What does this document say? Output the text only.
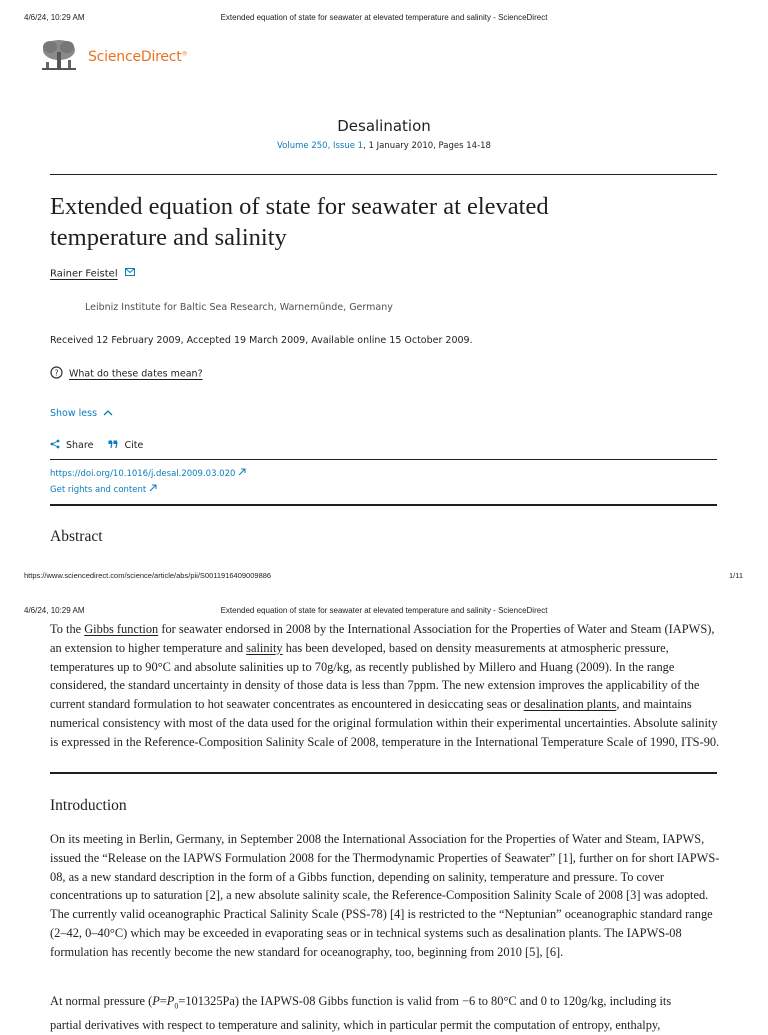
4/6/24, 10:29 AM	Extended equation of state for seawater at elevated temperature and salinity - ScienceDirect
ScienceDirect®
Desalination
Volume 250, Issue 1, 1 January 2010, Pages 14-18
Extended equation of state for seawater at elevated
temperature and salinity
Rainer Feistel
Leibniz Institute for Baltic Sea Research, Warnemünde, Germany
Received 12 February 2009, Accepted 19 March 2009, Available online 15 October 2009.
? What do these dates mean?
Show less
Share	Cite
https://doi.org/10.1016/j.desal.2009.03.020
Get rights and content
Abstract
https://www.sciencedirect.com/science/article/abs/pii/S0011916409009886	1/11
4/6/24, 10:29 AM	Extended equation of state for seawater at elevated temperature and salinity - ScienceDirect

To the Gibbs function for seawater endorsed in 2008 by the International Association for the Properties of Water and Steam (IAPWS), an extension to higher temperature and salinity has been developed, based on density measurements at atmospheric pressure, temperatures up to 90°C and absolute salinities up to 70g/kg, as recently published by Millero and Huang (2009). In the range considered, the standard uncertainty in density of those data is less than 7ppm. The new extension improves the applicability of the current standard formulation to hot seawater concentrates as encountered in desiccating seas or desalination plants, and maintains numerical consistency with most of the data used for the original formulation within their experimental uncertainties. Absolute salinity is expressed in the Reference-Composition Salinity Scale of 2008, temperature in the International Temperature Scale of 1990, ITS-90.

Introduction

On its meeting in Berlin, Germany, in September 2008 the International Association for the Properties of Water and Steam, IAPWS, issued the “Release on the IAPWS Formulation 2008 for the Thermodynamic Properties of Seawater” [1], further on for short IAPWS-08, as a new standard description in the form of a Gibbs function, depending on salinity, temperature and pressure. To cover concentrations up to saturation [2], a new absolute salinity scale, the Reference-Composition Salinity Scale of 2008 [3] was adopted. The currently valid oceanographic Practical Salinity Scale (PSS-78) [4] is restricted to the “Neptunian” oceanographic standard range (2–42, 0–40°C) which may be exceeded in evaporating seas or in technical systems such as desalination plants. The IAPWS-08 formulation has recently become the new standard for oceanography, too, beginning from 2010 [5], [6].

At normal pressure $(P=P_0=101325Pa)$ the IAPWS-08 Gibbs function is valid from −6 to 80°C and 0 to 120g/kg, including its
partial derivatives with respect to temperature and salinity, which in particular permit the computation of entropy, enthalpy,
